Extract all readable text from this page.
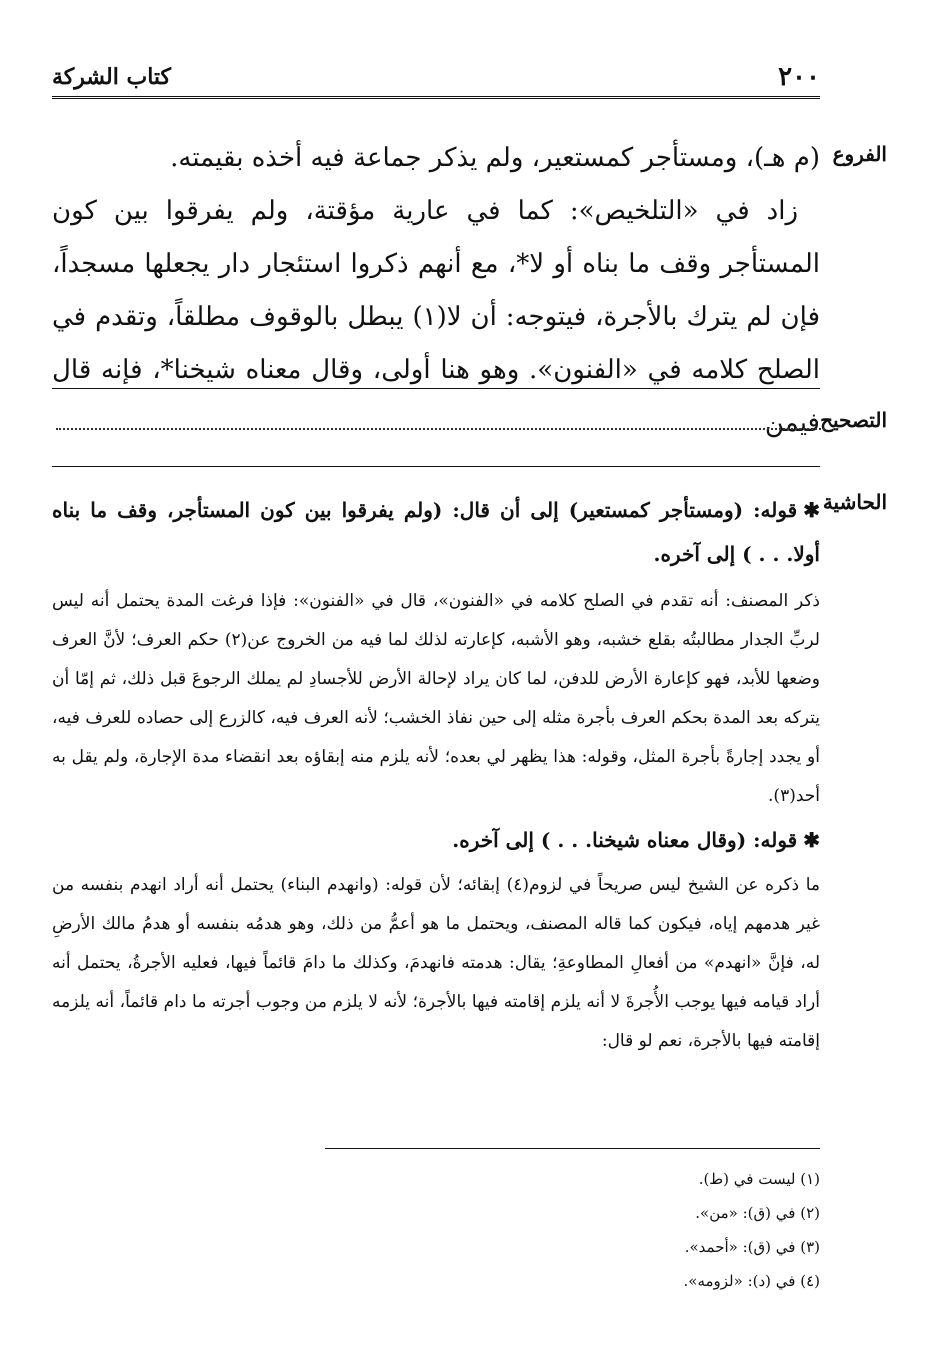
٢٠٠
كتاب الشركة
الفروع

(م هـ)، ومستأجر كمستعير، ولم يذكر جماعة فيه أخذه بقيمته.

زاد في «التلخيص»: كما في عارية مؤقتة، ولم يفرقوا بين كون المستأجر وقف ما بناه أو لا*، مع أنهم ذكروا استئجار دار يجعلها مسجداً، فإن لم يترك بالأجرة، فيتوجه: أن لا(١) يبطل بالوقوف مطلقاً، وتقدم في الصلح كلامه في «الفنون». وهو هنا أولى، وقال معناه شيخنا*، فإنه قال فيمن التصحيح
الحاشية

✱قوله: (ومستأجر كمستعير) إلى أن قال: (ولم يفرقوا بين كون المستأجر، وقف ما بناه أولا. . . ) إلى آخره.

ذكر المصنف: أنه تقدم في الصلح كلامه في «الفنون»، قال في «الفنون»: فإذا فرغت المدة يحتمل أنه ليس لربِّ الجدار مطالبتُه بقلع خشبه، وهو الأشبه، كإعارته لذلك لما فيه من الخروج عن(٢) حكم العرف؛ لأنَّ العرف وضعها للأبد، فهو كإعارة الأرض للدفن، لما كان يراد لإحالة الأرض للأجسادِ لم يملك الرجوعَ قبل ذلك، ثم إمّا أن يتركه بعد المدة بحكم العرف بأجرة مثله إلى حين نفاذ الخشب؛ لأنه العرف فيه، كالزرع إلى حصاده للعرف فيه، أو يجدد إجارةً بأجرة المثل، وقوله: هذا يظهر لي بعده؛ لأنه يلزم منه إبقاؤه بعد انقضاء مدة الإجارة، ولم يقل به أحد(٣).

✱قوله: (وقال معناه شيخنا. . . ) إلى آخره.

ما ذكره عن الشيخ ليس صريحاً في لزوم(٤) إبقائه؛ لأن قوله: (وانهدم البناء) يحتمل أنه أراد انهدم بنفسه من غير هدمهم إياه، فيكون كما قاله المصنف، ويحتمل ما هو أعمُّ من ذلك، وهو هدمُه بنفسه أو هدمُ مالك الأرضِ له، فإنَّ «انهدم» من أفعالِ المطاوعةِ؛ يقال: هدمته فانهدمَ، وكذلك ما دامَ قائماً فيها، فعليه الأجرةُ، يحتمل أنه أراد قيامه فيها يوجب الأُجرةَ لا أنه يلزم إقامته فيها بالأجرة؛ لأنه لا يلزم من وجوب أجرته ما دام قائماً، أنه يلزمه إقامته فيها بالأجرة، نعم لو قال:

(١) ليست في (ط).
(٢) في (ق): «من».
(٣) في (ق): «أحمد».
(٤) في (د): «لزومه».
